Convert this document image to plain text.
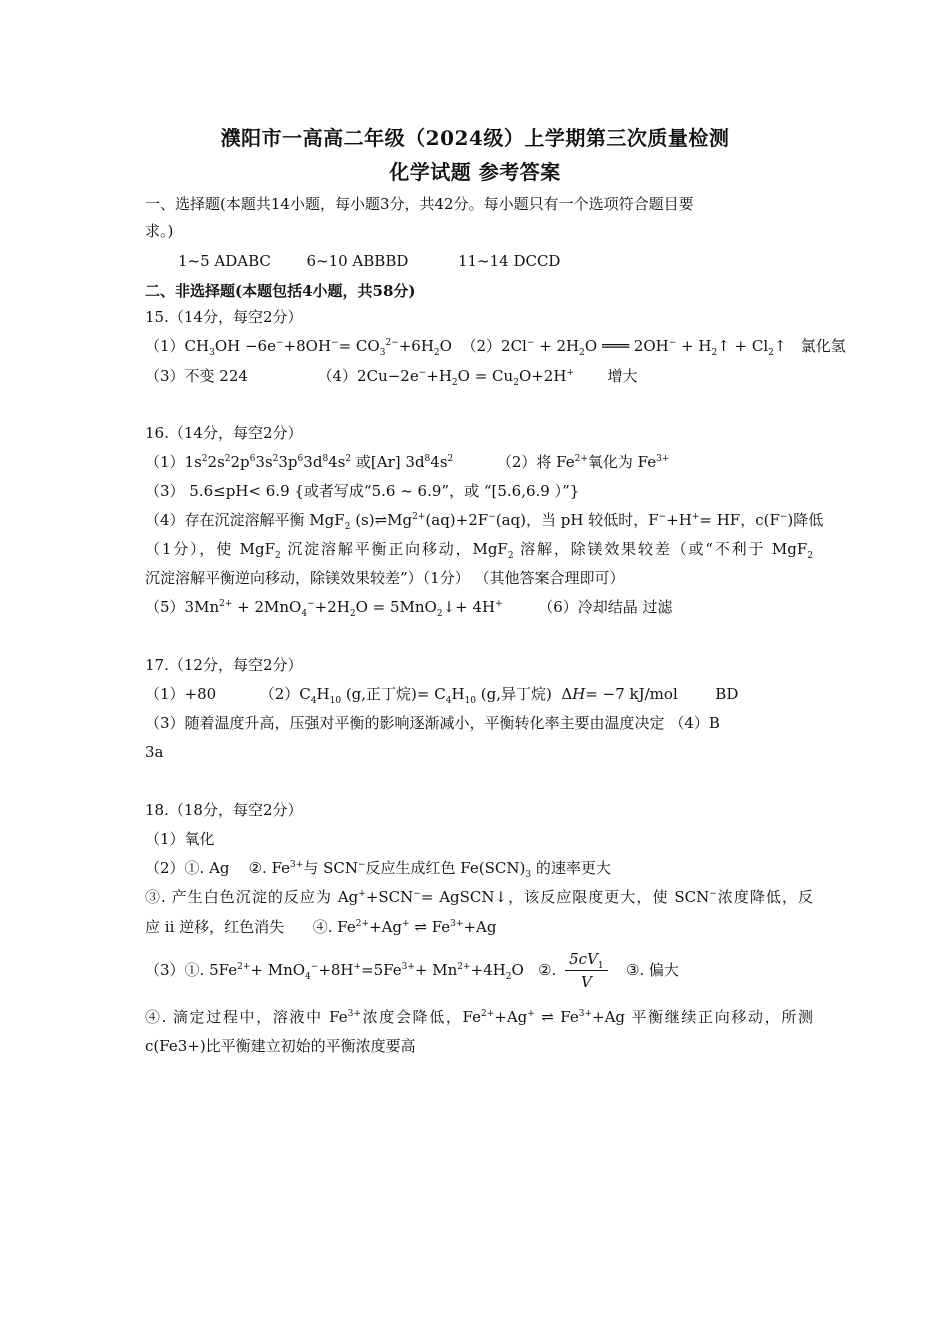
濮阳市一高高二年级（2024级）上学期第三次质量检测
化学试题 参考答案
一、选择题(本题共14小题，每小题3分，共42分。每小题只有一个选项符合题目要
求。)
1~5 ADABC 6~10 ABBBD	11~14 DCCD
二、非选择题(本题包括4小题，共58分)
15.（14分，每空2分）
$(1)CH_3OH -6e^-+8OH^-= CO_3^{2-}+6H_2O$  $(2)2Cl^- + 2H_2O$ ═══ $2OH^- + H_2↑$ + $Cl_2↑$   氯化氢
（3）不变 224	$(4)2Cu-2e^-+H_2O = Cu_2O+2H^+$ 增大
16.（14分，每空2分）
$(1)1s^22s^22p^63s^23p^63d^84s^2$ 或[Ar] $3d^84s^2$	（2）将 $Fe^{2+}$氧化为 $Fe^{3+}$
（3） 5.6≤pH< 6.9 {或者写成“5.6 ~ 6.9”，或 “[5.6,6.9 ）”}
（4）存在沉淀溶解平衡 MgF$_2$ $(s)\rightleftharpoons Mg^{2+}(aq)+2F^-(aq)$，当 pH 较低时，F−+H+= HF，c(F−)降低
（1分），使 MgF$_2$ 沉淀溶解平衡正向移动，MgF$_2$ 溶解，除镁效果较差（或“不利于 MgF$_2$
沉淀溶解平衡逆向移动，除镁效果较差”）（1分） （其他答案合理即可）
$(5)3Mn^{2+} + 2MnO_4^-+2H_2O$ = 5MnO$_2$↓+ 4H+ （6）冷却结晶 过滤
17.（12分，每空2分）
（1）+80	$(2)C_4H_{10}$ (g,正丁烷)= $C_4H_{10}$ (g,异丁烷)  ΔH= −7 kJ/mol  BD
（3）随着温度升高，压强对平衡的影响逐渐减小，平衡转化率主要由温度决定 （4）B
3a
18.（18分，每空2分）
（1）氧化
（2）①. Ag    ②. $Fe^{3+}$与 SCN−反应生成红色 $Fe(SCN)_3$ 的速率更大
③. 产生白色沉淀的反应为 Ag++SCN−= AgSCN↓，该反应限度更大，使 SCN−浓度降低，反
应 ii 逆移，红色消失      ④. $Fe^{2+}+Ag^+$ ⇌ $Fe^{3+}+Ag$
（3）①. $5Fe^{2+}+ MnO_4^-+8H^+=5Fe^{3+}+ Mn^{2+}+4H_2O$   ②. $\frac{5cV_1}{V}$ ③. 偏大
④. 滴定过程中，溶液中 $Fe^{3+}$浓度会降低，$Fe^{2+}+Ag^+$ ⇌ $Fe^{3+}+Ag$ 平衡继续正向移动，所测
c(Fe3+)比平衡建立初始的平衡浓度要高
